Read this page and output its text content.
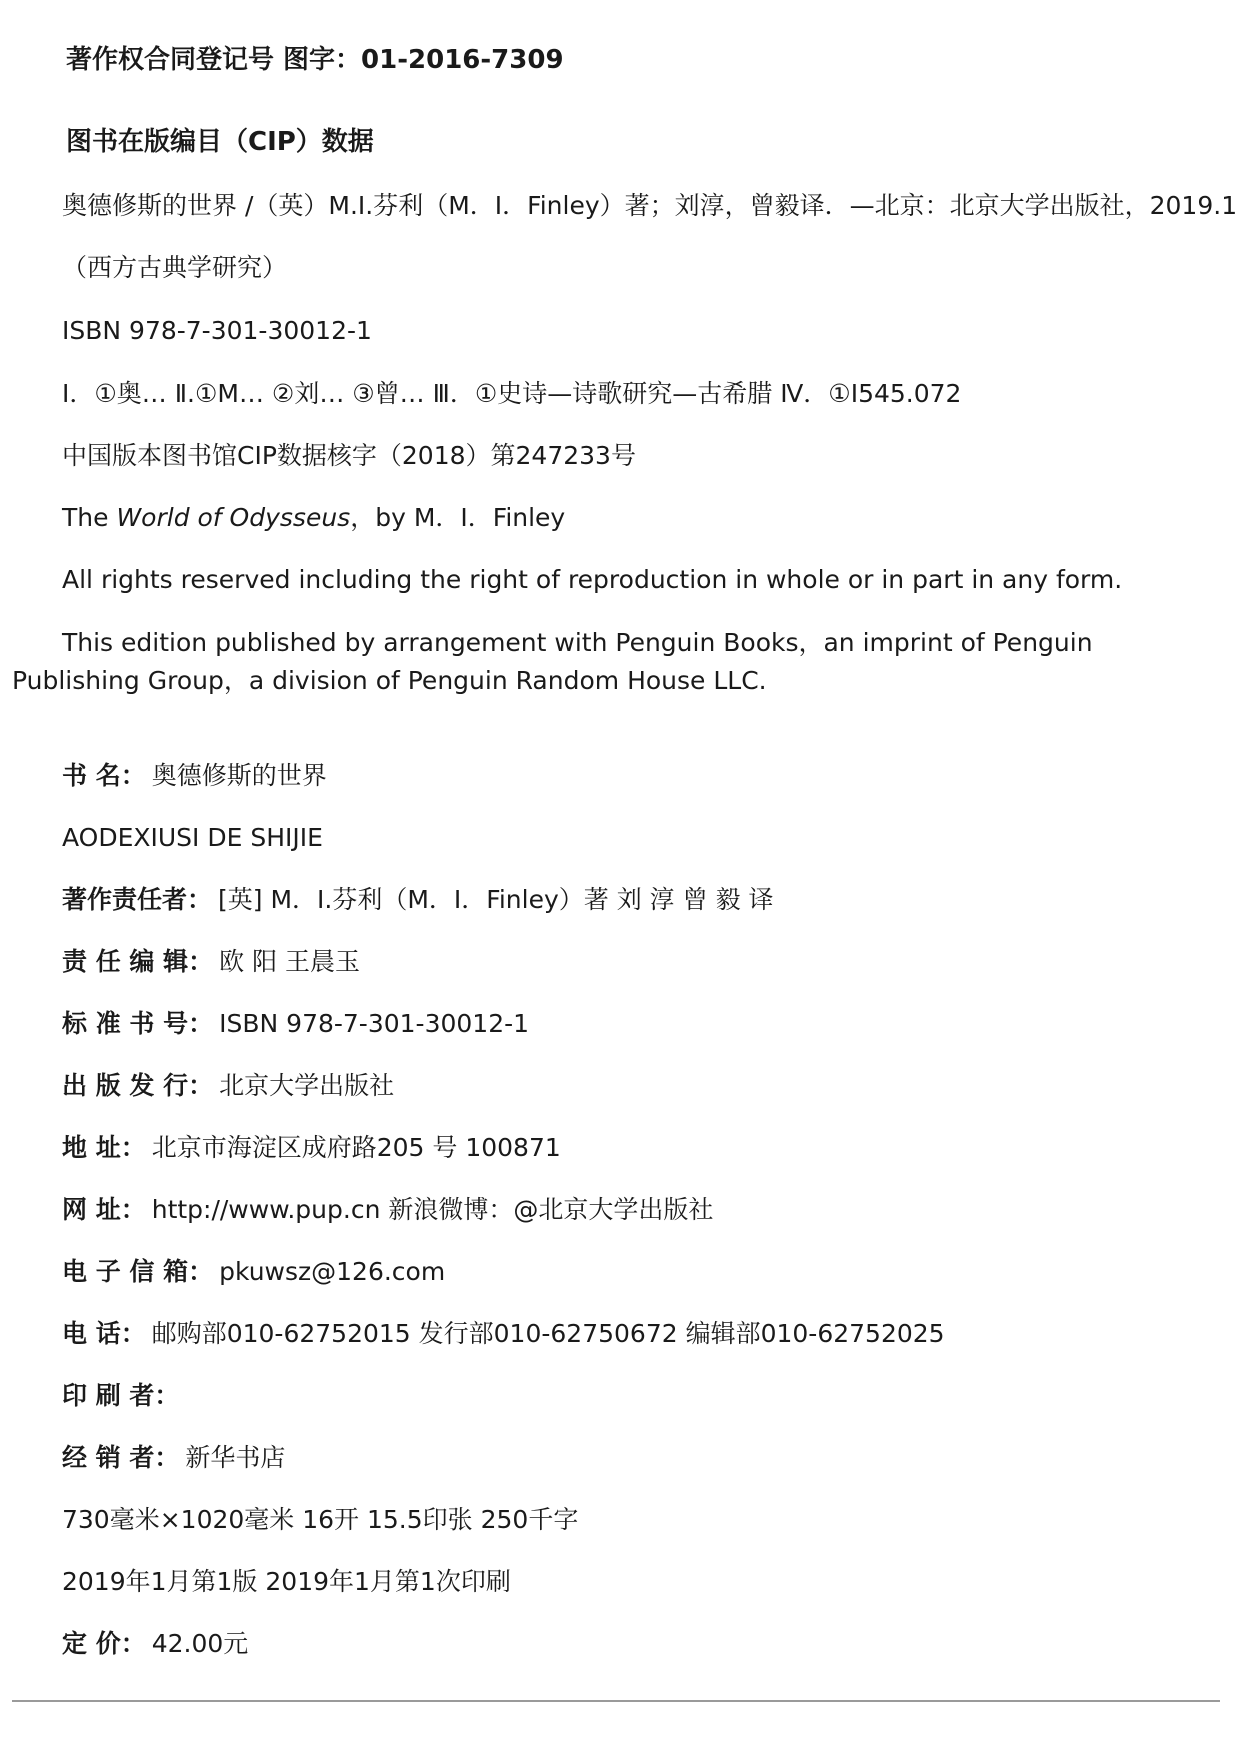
著作权合同登记号 图字：01-2016-7309
图书在版编目（CIP）数据
奥德修斯的世界 /（英）M.I.芬利（M．I．Finley）著；刘淳，曾毅译．—北京：北京大学出版社，2019.1
（西方古典学研究）
ISBN 978-7-301-30012-1
Ⅰ．①奥… Ⅱ.①M… ②刘… ③曾… Ⅲ．①史诗—诗歌研究—古希腊 Ⅳ．①I545.072
中国版本图书馆CIP数据核字（2018）第247233号
The World of Odysseus，by M．I．Finley
All rights reserved including the right of reproduction in whole or in part in any form.
This edition published by arrangement with Penguin Books，an imprint of Penguin Publishing Group，a division of Penguin Random House LLC.
书 名： 奥德修斯的世界
AODEXIUSI DE SHIJIE
著作责任者： [英] M．I.芬利（M．I．Finley）著 刘 淳 曾 毅 译
责 任 编 辑： 欧 阳 王晨玉
标 准 书 号： ISBN 978-7-301-30012-1
出 版 发 行： 北京大学出版社
地 址： 北京市海淀区成府路205 号 100871
网 址： http://www.pup.cn 新浪微博：@北京大学出版社
电 子 信 箱： pkuwsz@126.com
电 话： 邮购部010-62752015 发行部010-62750672 编辑部010-62752025
印 刷 者：
经 销 者： 新华书店
730毫米×1020毫米 16开 15.5印张 250千字
2019年1月第1版 2019年1月第1次印刷
定 价： 42.00元
